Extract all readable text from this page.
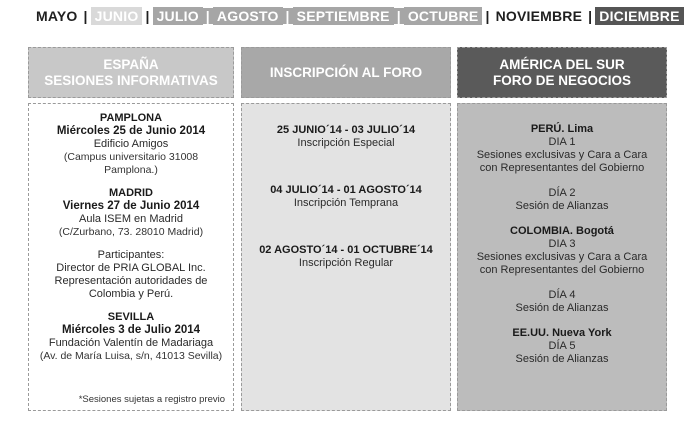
MAYO | JUNIO | JULIO | AGOSTO | SEPTIEMBRE | OCTUBRE | NOVIEMBRE | DICIEMBRE
ESPAÑA
SESIONES INFORMATIVAS
PAMPLONA
Miércoles 25 de Junio 2014
Edificio Amigos
(Campus universitario 31008
Pamplona.)
MADRID
Viernes 27 de Junio 2014
Aula ISEM en Madrid
(C/Zurbano, 73. 28010 Madrid)
Participantes:
Director de PRIA GLOBAL Inc.
Representación autoridades de
Colombia y Perú.
SEVILLA
Miércoles 3 de Julio 2014
Fundación Valentín de Madariaga
(Av. de María Luisa, s/n, 41013 Sevilla)
*Sesiones sujetas a registro previo
INSCRIPCIÓN AL FORO
25 JUNIO´14 - 03 JULIO´14
Inscripción Especial
04 JULIO´14 - 01 AGOSTO´14
Inscripción Temprana
02 AGOSTO´14 - 01 OCTUBRE´14
Inscripción Regular
AMÉRICA DEL SUR
FORO DE NEGOCIOS
PERÚ. Lima
DIA 1
Sesiones exclusivas y Cara a Cara
con Representantes del Gobierno
DÍA 2
Sesión de Alianzas
COLOMBIA. Bogotá
DIA 3
Sesiones exclusivas y Cara a Cara
con Representantes del Gobierno
DÍA 4
Sesión de Alianzas
EE.UU. Nueva York
DÍA 5
Sesión de Alianzas
